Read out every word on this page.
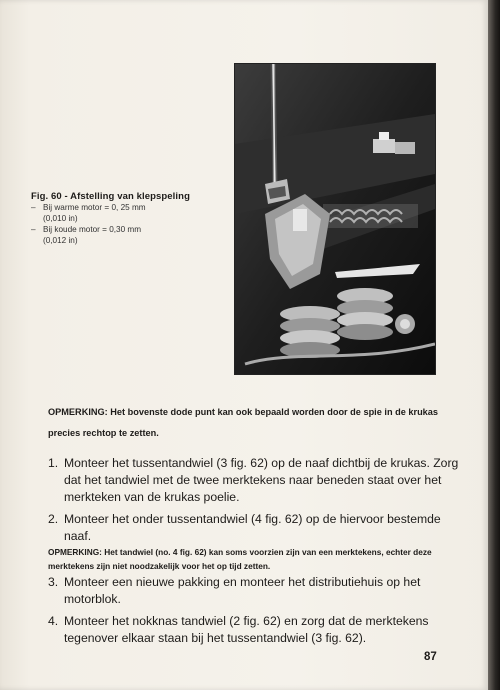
Fig. 60 - Afstelling van klepspeling
– Bij warme motor = 0, 25 mm
(0,010 in)
– Bij koude motor = 0,30 mm
(0,012 in)
OPMERKING: Het bovenste dode punt kan ook bepaald worden door de spie in de krukas precies rechtop te zetten.
1. Monteer het tussentandwiel (3 fig. 62) op de naaf dichtbij de krukas. Zorg dat het tandwiel met de twee merktekens naar beneden staat over het merkteken van de krukas poelie.
2. Monteer het onder tussentandwiel (4 fig. 62) op de hiervoor bestemde naaf.
OPMERKING: Het tandwiel (no. 4 fig. 62) kan soms voorzien zijn van een merktekens, echter deze merktekens zijn niet noodzakelijk voor het op tijd zetten.
3. Monteer een nieuwe pakking en monteer het distributiehuis op het motorblok.
4. Monteer het nokknas tandwiel (2 fig. 62) en zorg dat de merktekens tegenover elkaar staan bij het tussentandwiel (3 fig. 62).
87
